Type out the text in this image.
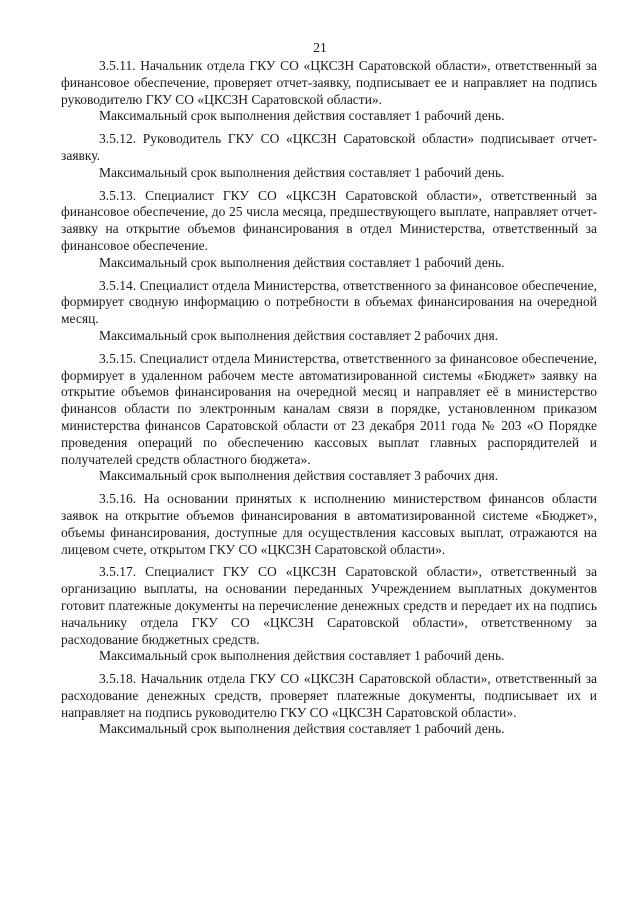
21

3.5.11. Начальник отдела ГКУ СО «ЦКСЗН Саратовской области», ответственный за финансовое обеспечение, проверяет отчет-заявку, подписывает ее и направляет на подпись руководителю ГКУ СО «ЦКСЗН Саратовской области».

Максимальный срок выполнения действия составляет 1 рабочий день.

3.5.12. Руководитель ГКУ СО «ЦКСЗН Саратовской области» подписывает отчет-заявку.

Максимальный срок выполнения действия составляет 1 рабочий день.

3.5.13. Специалист ГКУ СО «ЦКСЗН Саратовской области», ответственный за финансовое обеспечение, до 25 числа месяца, предшествующего выплате, направляет отчет-заявку на открытие объемов финансирования в отдел Министерства, ответственный за финансовое обеспечение.

Максимальный срок выполнения действия составляет 1 рабочий день.

3.5.14. Специалист отдела Министерства, ответственного за финансовое обеспечение, формирует сводную информацию о потребности в объемах финансирования на очередной месяц.

Максимальный срок выполнения действия составляет 2 рабочих дня.

3.5.15. Специалист отдела Министерства, ответственного за финансовое обеспечение, формирует в удаленном рабочем месте автоматизированной системы «Бюджет» заявку на открытие объемов финансирования на очередной месяц и направляет её в министерство финансов области по электронным каналам связи в порядке, установленном приказом министерства финансов Саратовской области от 23 декабря 2011 года № 203 «О Порядке проведения операций по обеспечению кассовых выплат главных распорядителей и получателей средств областного бюджета».

Максимальный срок выполнения действия составляет 3 рабочих дня.

3.5.16. На основании принятых к исполнению министерством финансов области заявок на открытие объемов финансирования в автоматизированной системе «Бюджет», объемы финансирования, доступные для осуществления кассовых выплат, отражаются на лицевом счете, открытом ГКУ СО «ЦКСЗН Саратовской области».

3.5.17. Специалист ГКУ СО «ЦКСЗН Саратовской области», ответственный за организацию выплаты, на основании переданных Учреждением выплатных документов готовит платежные документы на перечисление денежных средств и передает их на подпись начальнику отдела ГКУ СО «ЦКСЗН Саратовской области», ответственному за расходование бюджетных средств.

Максимальный срок выполнения действия составляет 1 рабочий день.

3.5.18. Начальник отдела ГКУ СО «ЦКСЗН Саратовской области», ответственный за расходование денежных средств, проверяет платежные документы, подписывает их и направляет на подпись руководителю ГКУ СО «ЦКСЗН Саратовской области».

Максимальный срок выполнения действия составляет 1 рабочий день.
